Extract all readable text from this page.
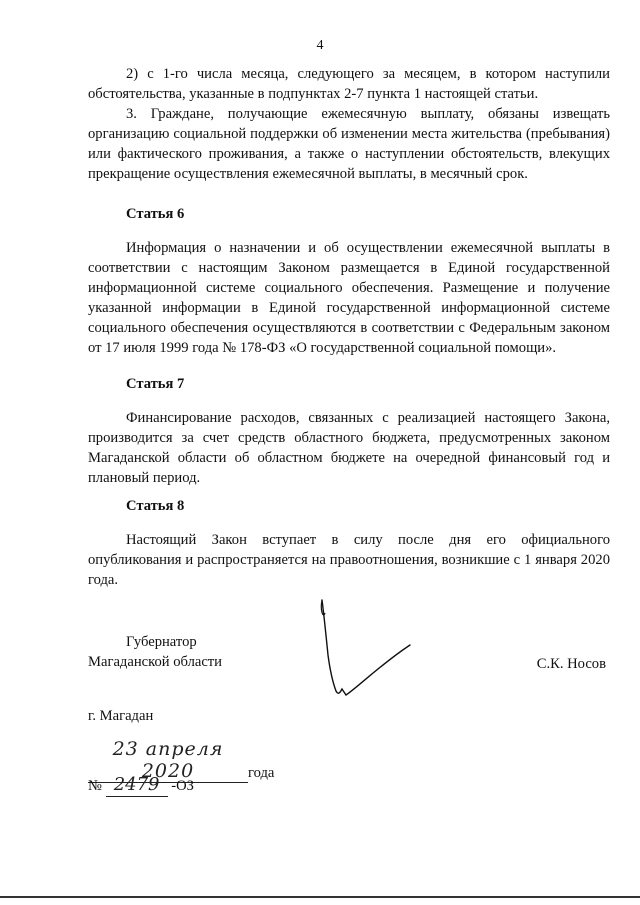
4

2) с 1-го числа месяца, следующего за месяцем, в котором наступили обстоятельства, указанные в подпунктах 2-7 пункта 1 настоящей статьи.

3. Граждане, получающие ежемесячную выплату, обязаны извещать организацию социальной поддержки об изменении места жительства (пребывания) или фактического проживания, а также о наступлении обстоятельств, влекущих прекращение осуществления ежемесячной выплаты, в месячный срок.

Статья 6

Информация о назначении и об осуществлении ежемесячной выплаты в соответствии с настоящим Законом размещается в Единой государственной информационной системе социального обеспечения. Размещение и получение указанной информации в Единой государственной информационной системе социального обеспечения осуществляются в соответствии с Федеральным законом от 17 июля 1999 года № 178-ФЗ «О государственной социальной помощи».

Статья 7

Финансирование расходов, связанных с реализацией настоящего Закона, производится за счет средств областного бюджета, предусмотренных законом Магаданской области об областном бюджете на очередной финансовый год и плановый период.

Статья 8

Настоящий Закон вступает в силу после дня его официального опубликования и распространяется на правоотношения, возникшие с 1 января 2020 года.

Губернатор
Магаданской области	С.К. Носов
г. Магадан
23 апреля 2020	года
№ 2479 -ОЗ
